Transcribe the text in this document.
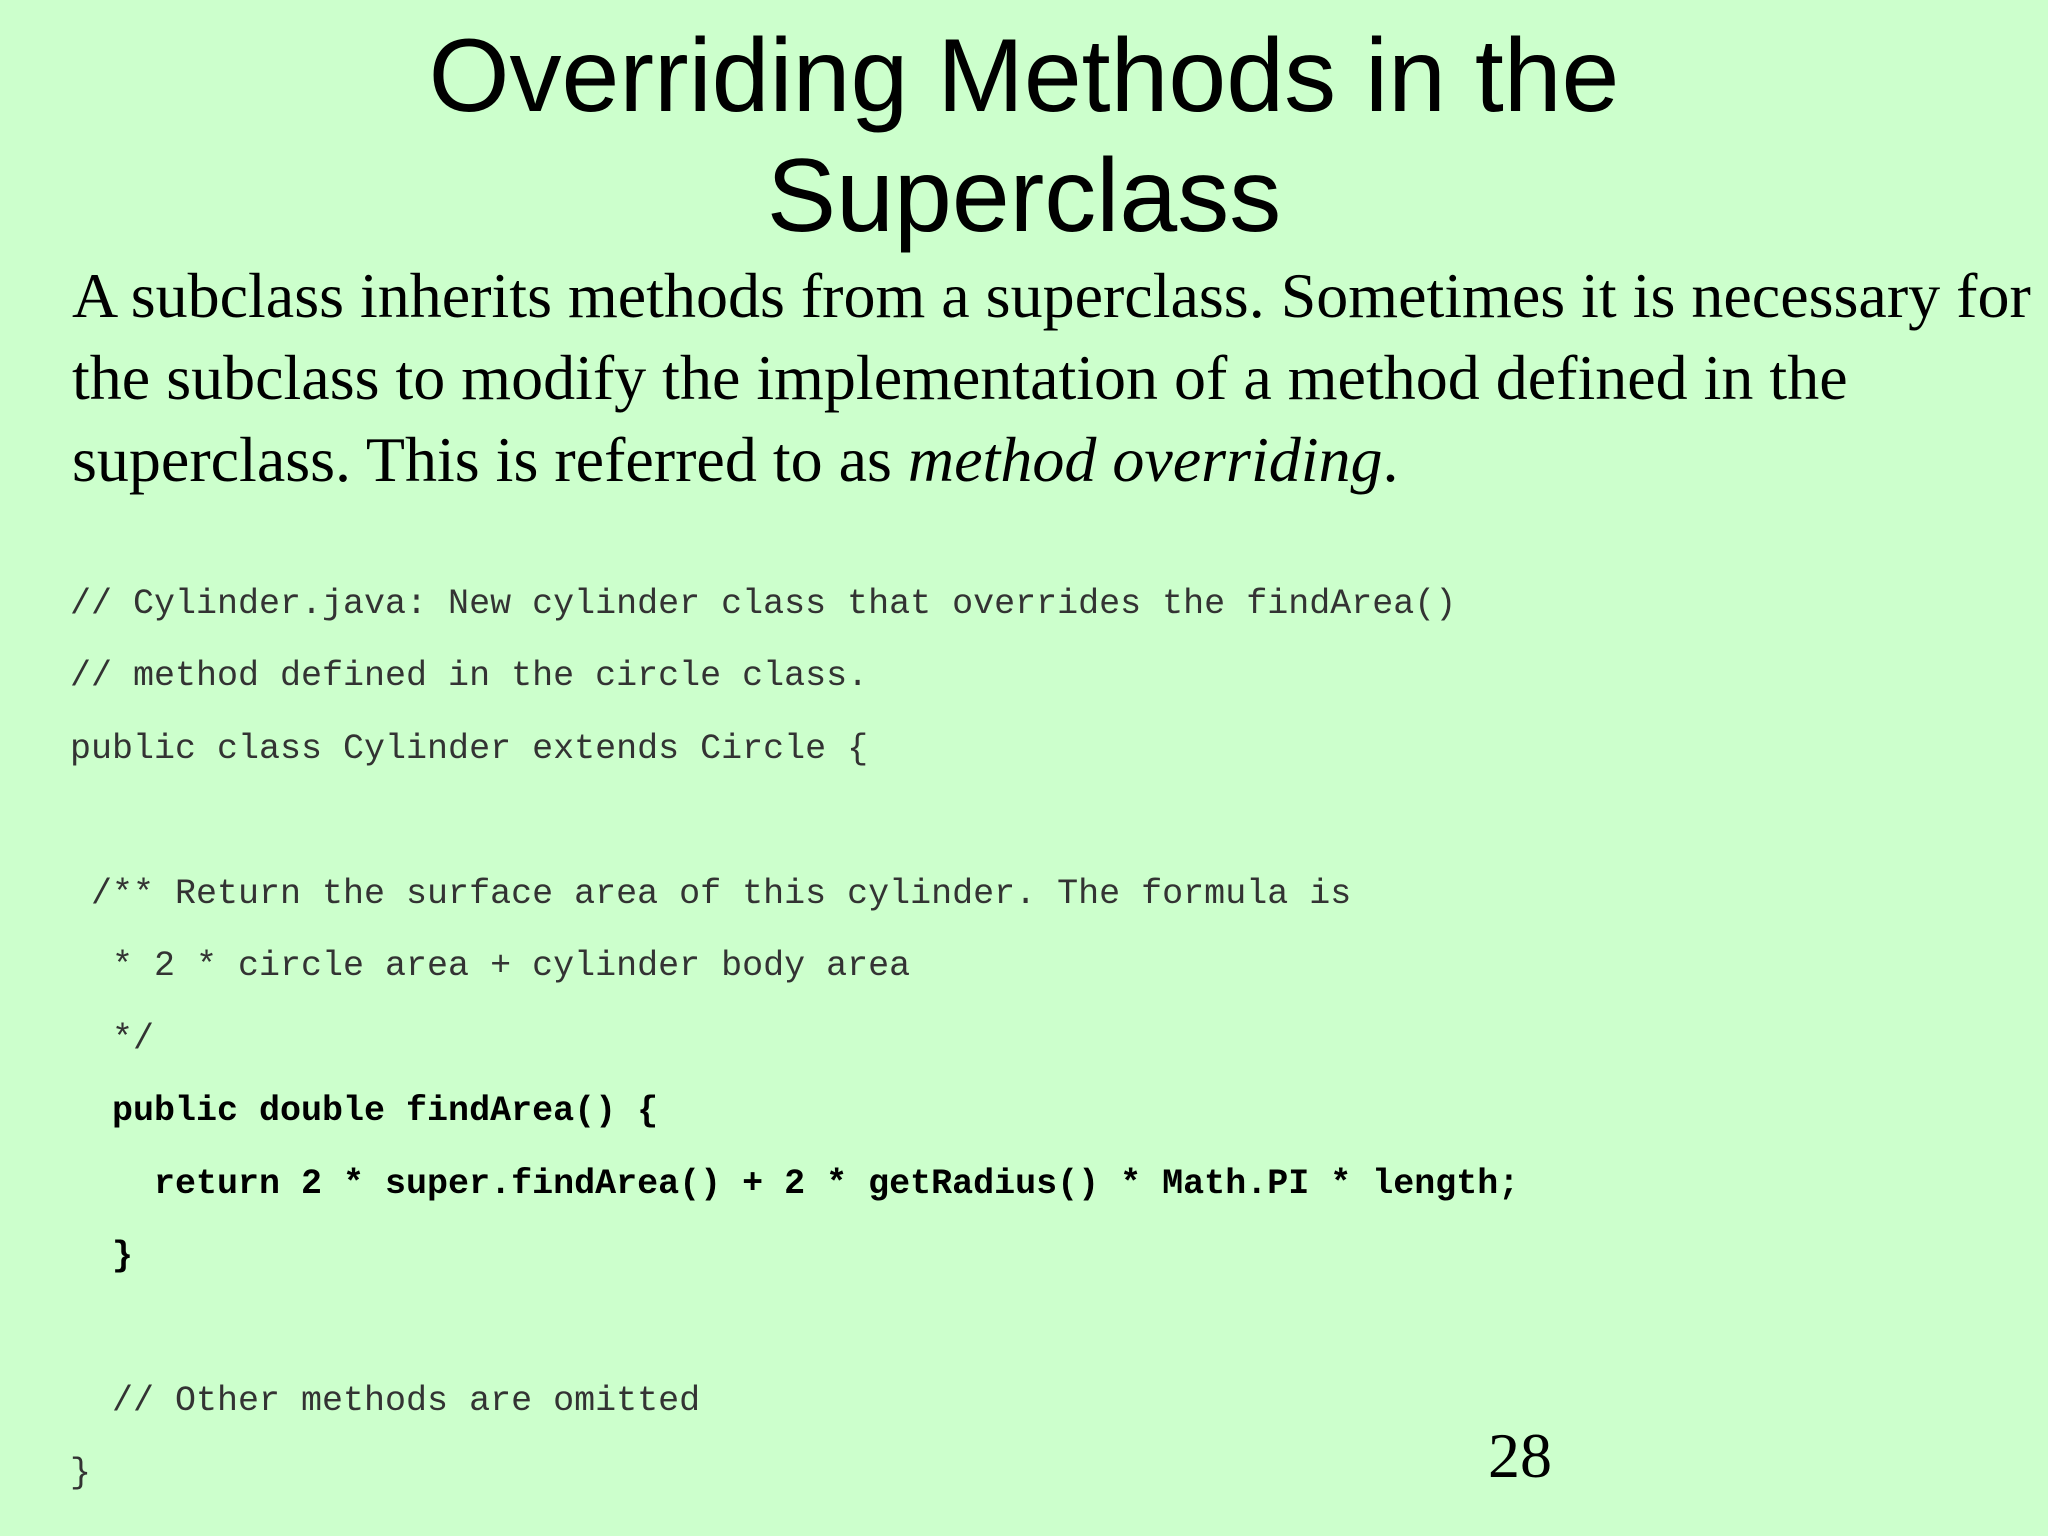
Overriding Methods in the
Superclass

A subclass inherits methods from a superclass. Sometimes it is necessary for the subclass to modify the implementation of a method defined in the superclass. This is referred to as method overriding.

// Cylinder.java: New cylinder class that overrides the findArea()
// method defined in the circle class.
public class Cylinder extends Circle {
/** Return the surface area of this cylinder. The formula is
* 2 * circle area + cylinder body area
*/
public double findArea() {
return 2 * super.findArea() + 2 * getRadius() * Math.PI * length;
}
// Other methods are omitted
}	28
